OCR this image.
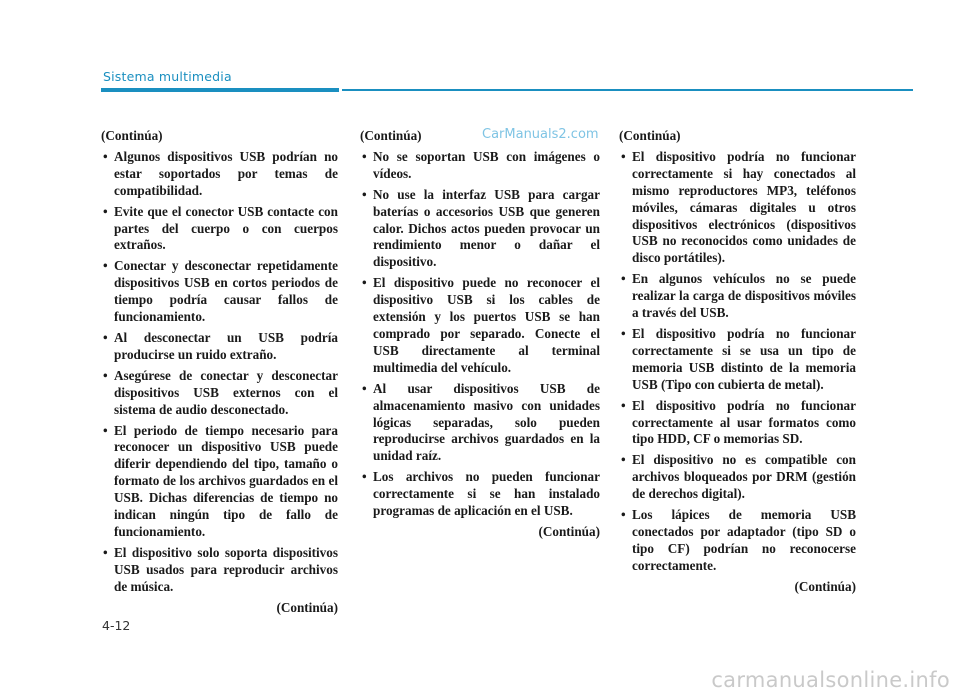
Sistema multimedia

(Continúa)

• Algunos dispositivos USB podrían no estar soportados por temas de compatibilidad.
• Evite que el conector USB contacte con partes del cuerpo o con cuerpos extraños.
• Conectar y desconectar repetidamente dispositivos USB en cortos periodos de tiempo podría causar fallos de funcionamiento.
• Al desconectar un USB podría producirse un ruido extraño.
• Asegúrese de conectar y desconectar dispositivos USB externos con el sistema de audio desconectado.
• El periodo de tiempo necesario para reconocer un dispositivo USB puede diferir dependiendo del tipo, tamaño o formato de los archivos guardados en el USB. Dichas diferencias de tiempo no indican ningún tipo de fallo de funcionamiento.
• El dispositivo solo soporta dispositivos USB usados para reproducir archivos de música.

(Continúa)

(Continúa)

• No se soportan USB con imágenes o vídeos.
• No use la interfaz USB para cargar baterías o accesorios USB que generen calor. Dichos actos pueden provocar un rendimiento menor o dañar el dispositivo.
• El dispositivo puede no reconocer el dispositivo USB si los cables de extensión y los puertos USB se han comprado por separado. Conecte el USB directamente al terminal multimedia del vehículo.
• Al usar dispositivos USB de almacenamiento masivo con unidades lógicas separadas, solo pueden reproducirse archivos guardados en la unidad raíz.
• Los archivos no pueden funcionar correctamente si se han instalado programas de aplicación en el USB.

(Continúa)

(Continúa)

• El dispositivo podría no funcionar correctamente si hay conectados al mismo reproductores MP3, teléfonos móviles, cámaras digitales u otros dispositivos electrónicos (dispositivos USB no reconocidos como unidades de disco portátiles).
• En algunos vehículos no se puede realizar la carga de dispositivos móviles a través del USB.
• El dispositivo podría no funcionar correctamente si se usa un tipo de memoria USB distinto de la memoria USB (Tipo con cubierta de metal).
• El dispositivo podría no funcionar correctamente al usar formatos como tipo HDD, CF o memorias SD.
• El dispositivo no es compatible con archivos bloqueados por DRM (gestión de derechos digital).
• Los lápices de memoria USB conectados por adaptador (tipo SD o tipo CF) podrían no reconocerse correctamente.

(Continúa)

CarManuals2.com
4-12
carmanualsonline.info
